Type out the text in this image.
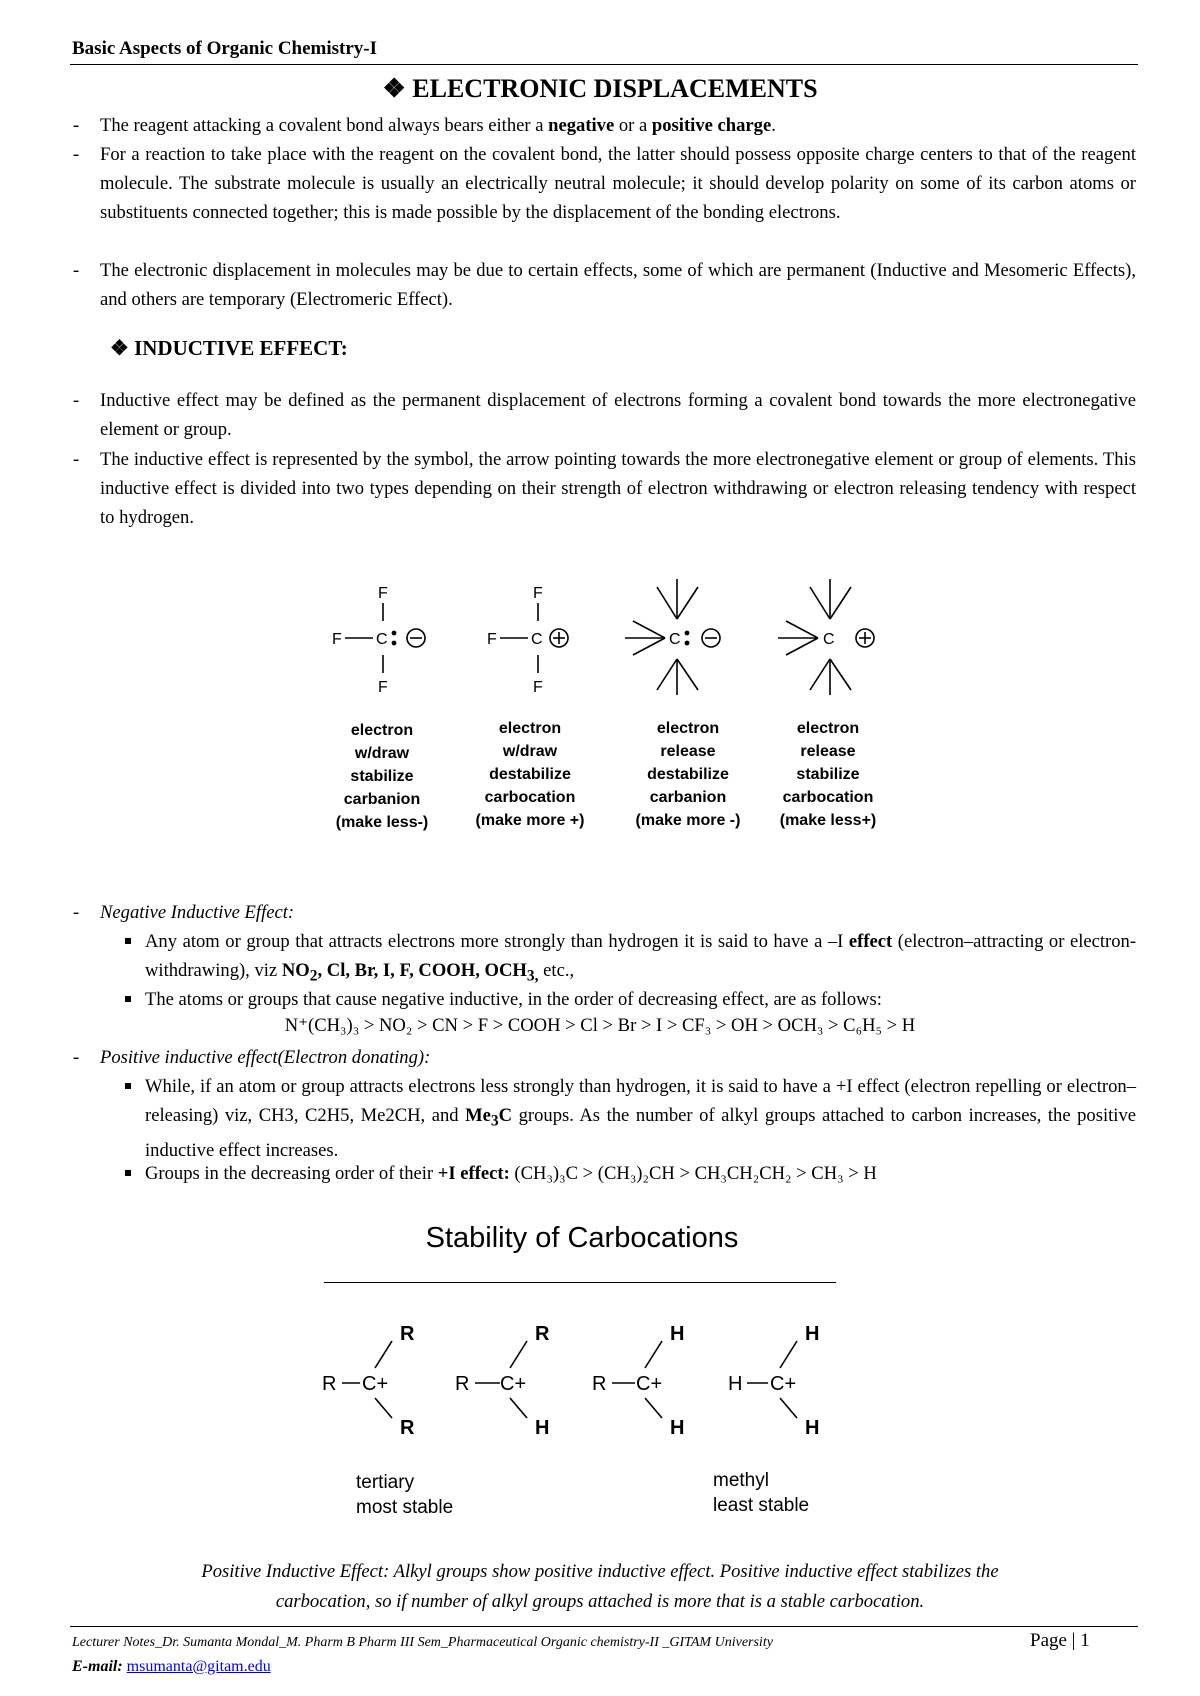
Basic Aspects of Organic Chemistry-I
❖ ELECTRONIC DISPLACEMENTS
- The reagent attacking a covalent bond always bears either a negative or a positive charge.
- For a reaction to take place with the reagent on the covalent bond, the latter should possess opposite charge centers to that of the reagent molecule. The substrate molecule is usually an electrically neutral molecule; it should develop polarity on some of its carbon atoms or substituents connected together; this is made possible by the displacement of the bonding electrons.
- The electronic displacement in molecules may be due to certain effects, some of which are permanent (Inductive and Mesomeric Effects), and others are temporary (Electromeric Effect).
❖ INDUCTIVE EFFECT:
- Inductive effect may be defined as the permanent displacement of electrons forming a covalent bond towards the more electronegative element or group.
- The inductive effect is represented by the symbol, the arrow pointing towards the more electronegative element or group of elements. This inductive effect is divided into two types depending on their strength of electron withdrawing or electron releasing tendency with respect to hydrogen.
F
F
F C
F
F
F C	C	C
electron
w/draw
stabilize
carbanion
(make less-)
electron
w/draw
destabilize
carbocation
(make more +)
electron
release
destabilize
carbanion
(make more -)
electron
release
stabilize
carbocation
(make less+)
- Negative Inductive Effect:
Any atom or group that attracts electrons more strongly than hydrogen it is said to have a –I effect (electron–attracting or electron-withdrawing), viz $NO_2$, Cl, Br, I, F, COOH, $OCH_{3,}$ etc.,
The atoms or groups that cause negative inductive, in the order of decreasing effect, are as follows:
N⁺(CH₃)₃ > NO₂ > CN > F > COOH > Cl > Br > I > CF₃ > OH > OCH₃ > C₆H₅ > H
- Positive inductive effect(Electron donating):
While, if an atom or group attracts electrons less strongly than hydrogen, it is said to have a +I effect (electron repelling or electron–releasing) viz, CH3, C2H5, Me2CH, and $Me_3C$ groups. As the number of alkyl groups attached to carbon increases, the positive inductive effect increases.
Groups in the decreasing order of their +I effect: (CH₃)₃C > (CH₃)₂CH > CH₃CH₂CH₂ > CH₃ > H
Stability of Carbocations
R
R
R
H
H
H
H
H
R C+	R C+	R C+	H C+
tertiary
most stable
methyl
least stable
Positive Inductive Effect: Alkyl groups show positive inductive effect. Positive inductive effect stabilizes the
carbocation, so if number of alkyl groups attached is more that is a stable carbocation.
Lecturer Notes_Dr. Sumanta Mondal_M. Pharm B Pharm III Sem_Pharmaceutical Organic chemistry-II _GITAM University	Page | 1
E-mail: msumanta@gitam.edu
